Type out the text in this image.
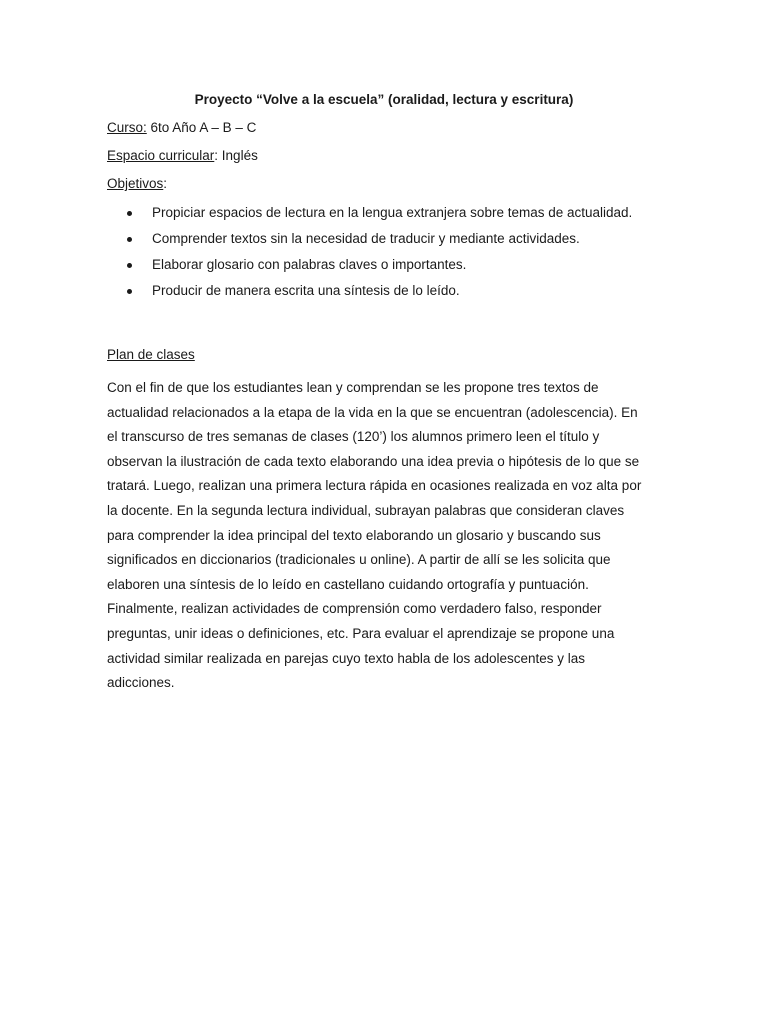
Proyecto “Volve a la escuela” (oralidad, lectura y escritura)
Curso: 6to Año A – B – C
Espacio curricular: Inglés
Objetivos:
Propiciar espacios de lectura en la lengua extranjera sobre temas de actualidad.
Comprender textos sin la necesidad de traducir y mediante actividades.
Elaborar glosario con palabras claves o importantes.
Producir de manera escrita una síntesis de lo leído.
Plan de clases
Con el fin de que los estudiantes lean y comprendan se les propone tres textos de
actualidad relacionados a la etapa de la vida en la que se encuentran (adolescencia). En
el transcurso de tres semanas de clases (120’) los alumnos primero leen el título y
observan la ilustración de cada texto elaborando una idea previa o hipótesis de lo que se
tratará. Luego, realizan una primera lectura rápida en ocasiones realizada en voz alta por
la docente. En la segunda lectura individual, subrayan palabras que consideran claves
para comprender la idea principal del texto elaborando un glosario y buscando sus
significados en diccionarios (tradicionales u online). A partir de allí se les solicita que
elaboren una síntesis de lo leído en castellano cuidando ortografía y puntuación.
Finalmente, realizan actividades de comprensión como verdadero falso, responder
preguntas, unir ideas o definiciones, etc. Para evaluar el aprendizaje se propone una
actividad similar realizada en parejas cuyo texto habla de los adolescentes y las
adicciones.
